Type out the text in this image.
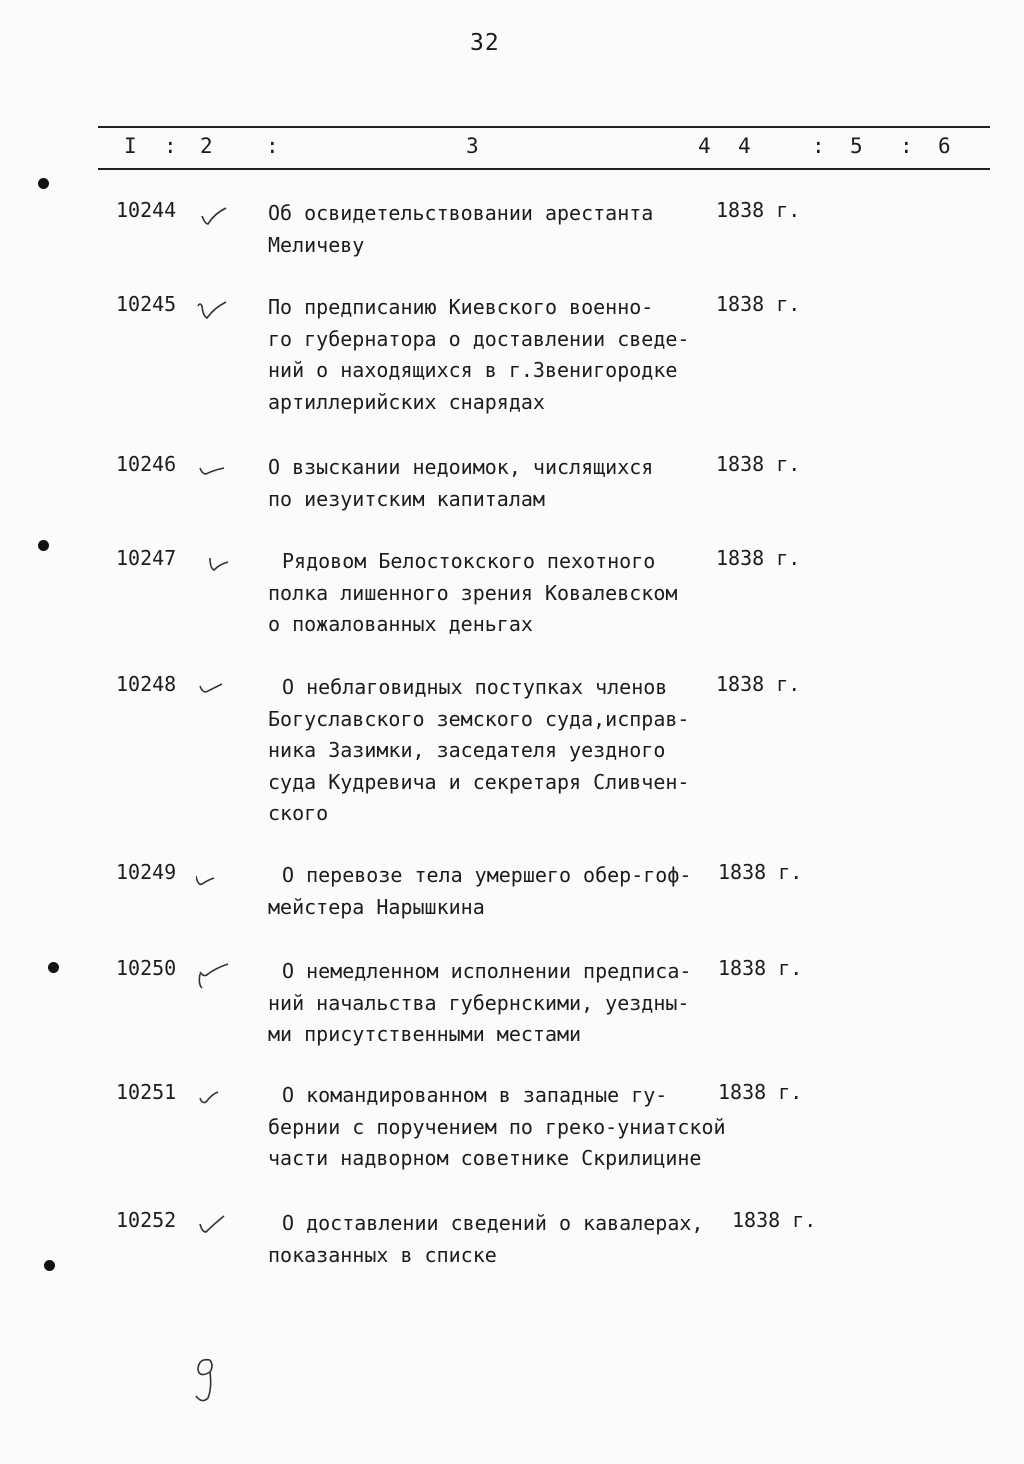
32
I : 2	:	3	4 4	: 5 : 6
10244	Об освидетельствовании арестанта
Меличеву
1838 г.
10245	По предписанию Киевского военно-
го губернатора о доставлении сведе-
ний о находящихся в г.Звенигородке
артиллерийских снарядах
1838 г.
10246	О взыскании недоимок, числящихся
по иезуитским капиталам
1838 г.
10247	Рядовом Белостокского пехотного
полка лишенного зрения Ковалевском
о пожалованных деньгах
1838 г.
10248	О неблаговидных поступках членов
Богуславского земского суда,исправ-
ника Зазимки, заседателя уездного
суда Кудревича и секретаря Сливчен-
ского
1838 г.
10249	О перевозе тела умершего обер-гоф-
мейстера Нарышкина
1838 г.
10250	О немедленном исполнении предписа-
ний начальства губернскими, уездны-
ми присутственными местами
1838 г.
10251	О командированном в западные гу-
бернии с поручением по греко-униатской
части надворном советнике Скрилицине
1838 г.
10252	О доставлении сведений о кавалерах,
показанных в списке
1838 г.
